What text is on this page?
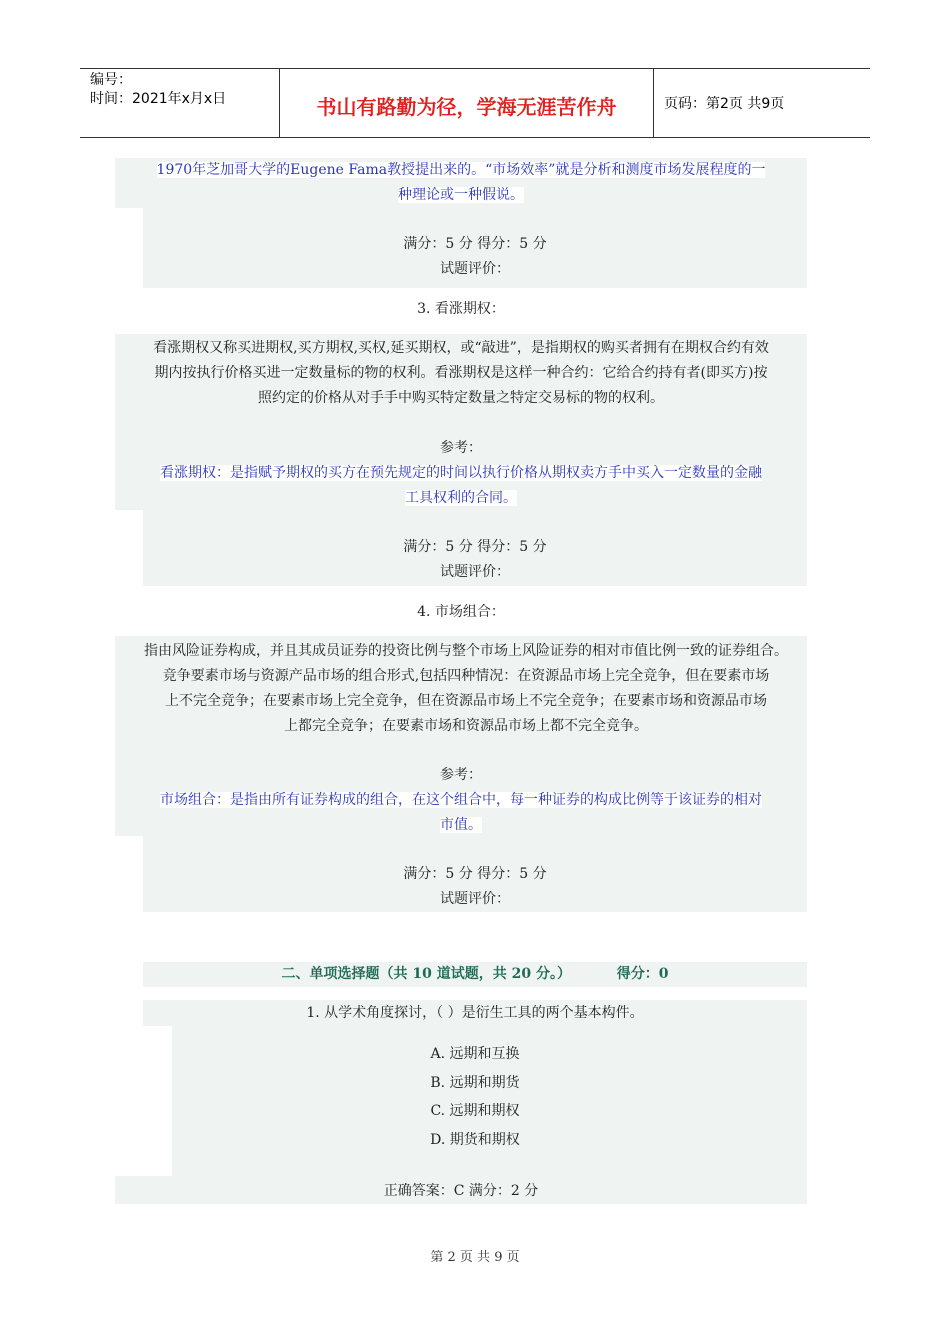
编号：
时间：2021年x月x日	书山有路勤为径，学海无涯苦作舟	页码：第2页 共9页
1970年芝加哥大学的Eugene Fama教授提出来的。“市场效率”就是分析和测度市场发展程度的一
种理论或一种假说。
满分：5 分 得分：5 分
试题评价：
3. 看涨期权：
看涨期权又称买进期权,买方期权,买权,延买期权，或“敲进”，是指期权的购买者拥有在期权合约有效
期内按执行价格买进一定数量标的物的权利。看涨期权是这样一种合约：它给合约持有者(即买方)按
照约定的价格从对手手中购买特定数量之特定交易标的物的权利。
参考：
看涨期权：是指赋予期权的买方在预先规定的时间以执行价格从期权卖方手中买入一定数量的金融
工具权利的合同。
满分：5 分 得分：5 分
试题评价：
4. 市场组合：
指由风险证券构成，并且其成员证券的投资比例与整个市场上风险证券的相对市值比例一致的证券组合。
竞争要素市场与资源产品市场的组合形式,包括四种情况：在资源品市场上完全竞争，但在要素市场
上不完全竞争；在要素市场上完全竞争，但在资源品市场上不完全竞争；在要素市场和资源品市场
上都完全竞争；在要素市场和资源品市场上都不完全竞争。
参考：
市场组合：是指由所有证券构成的组合，在这个组合中，每一种证券的构成比例等于该证券的相对
市值。
满分：5 分 得分：5 分
试题评价：
二、单项选择题（共 10 道试题，共 20 分。）	得分：0
1. 从学术角度探讨，（ ）是衍生工具的两个基本构件。
A. 远期和互换
B. 远期和期货
C. 远期和期权
D. 期货和期权
正确答案：C 满分：2 分
第 2 页 共 9 页
